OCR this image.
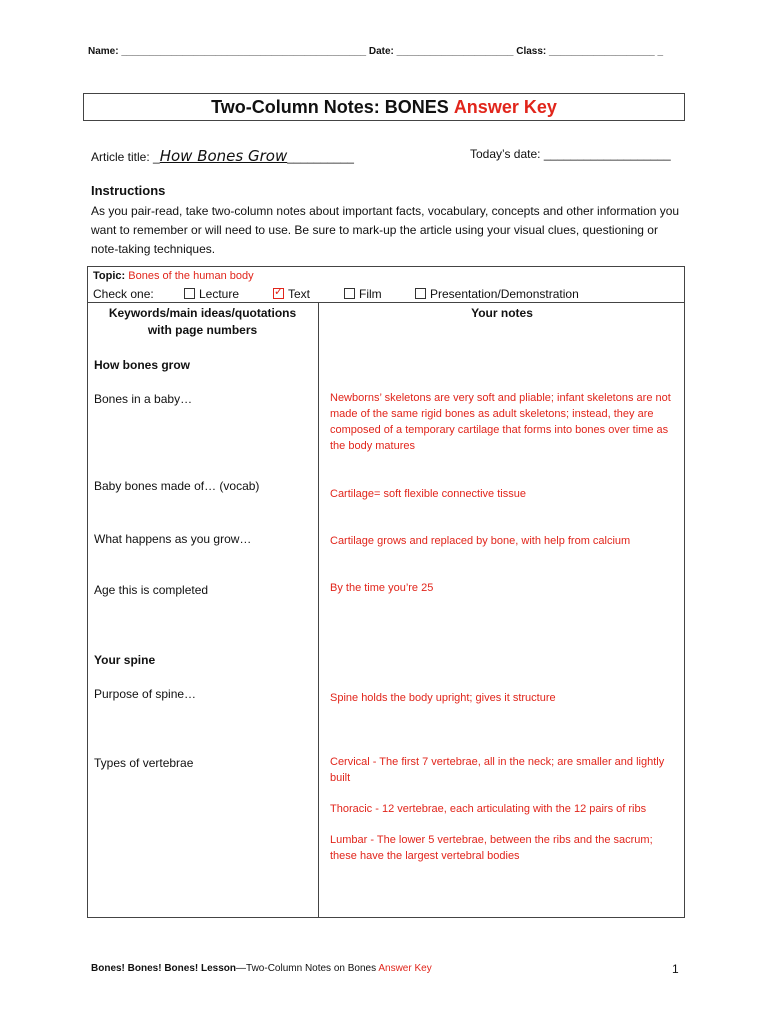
Name: ____________________________________________ Date: _____________________ Class: ___________________ _
Two-Column Notes: BONES
Answer Key
Article title: _How Bones Grow__________	Today’s date: ___________________
Instructions
As you pair-read, take two-column notes about important facts, vocabulary, concepts and other information you want to remember or will need to use. Be sure to mark-up the article using your visual clues, questioning or note-taking techniques.
Topic: Bones of the human body
Check one:	Lecture
✓	Text	Film	Presentation/Demonstration
Keywords/main ideas/quotations
with page numbers
Your notes
How bones grow
Bones in a baby…	Newborns’ skeletons are very soft and pliable; infant skeletons are not made of the same rigid bones as adult skeletons; instead, they are composed of a temporary cartilage that forms into bones over time as the body matures
Baby bones made of… (vocab)
Cartilage= soft flexible connective tissue
What happens as you grow…	Cartilage grows and replaced by bone, with help from calcium
Age this is completed	By the time you’re 25
Your spine
Purpose of spine…	Spine holds the body upright; gives it structure
Types of vertebrae	Cervical - The first 7 vertebrae, all in the neck; are smaller and lightly built
Thoracic - 12 vertebrae, each articulating with the 12 pairs of ribs
Lumbar - The lower 5 vertebrae, between the ribs and the sacrum; these have the largest vertebral bodies
Bones! Bones! Bones! Lesson—Two-Column Notes on Bones Answer Key	1
